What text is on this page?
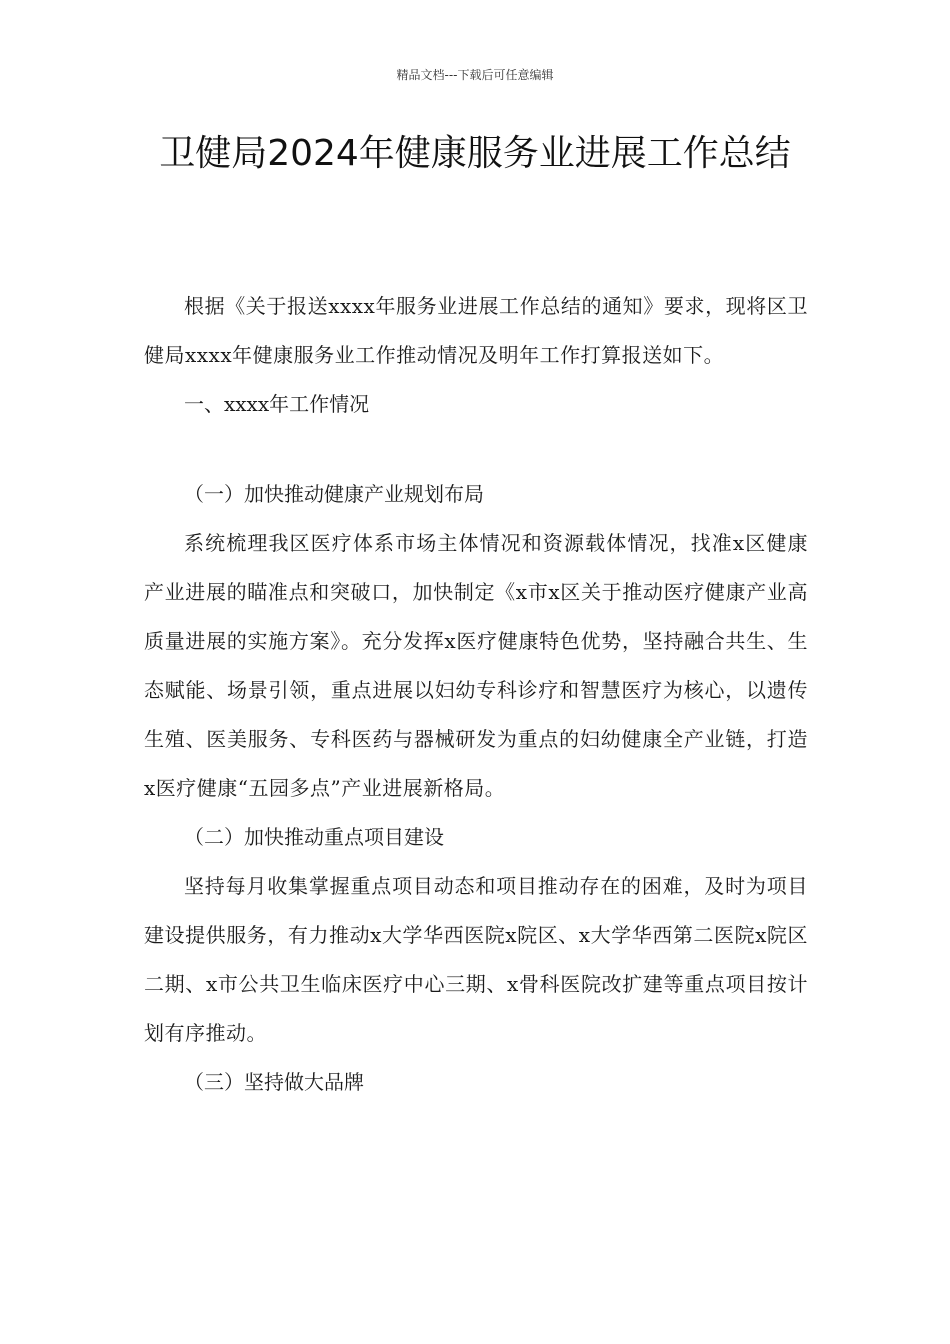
精品文档---下载后可任意编辑
卫健局2024年健康服务业进展工作总结

根据《关于报送xxxx年服务业进展工作总结的通知》要求，现将区卫健局xxxx年健康服务业工作推动情况及明年工作打算报送如下。

一、xxxx年工作情况

（一）加快推动健康产业规划布局

系统梳理我区医疗体系市场主体情况和资源载体情况，找准x区健康产业进展的瞄准点和突破口，加快制定《x市x区关于推动医疗健康产业高质量进展的实施方案》。充分发挥x医疗健康特色优势，坚持融合共生、生态赋能、场景引领，重点进展以妇幼专科诊疗和智慧医疗为核心，以遗传生殖、医美服务、专科医药与器械研发为重点的妇幼健康全产业链，打造x医疗健康“五园多点”产业进展新格局。

（二）加快推动重点项目建设

坚持每月收集掌握重点项目动态和项目推动存在的困难，及时为项目建设提供服务，有力推动x大学华西医院x院区、x大学华西第二医院x院区二期、x市公共卫生临床医疗中心三期、x骨科医院改扩建等重点项目按计划有序推动。

（三）坚持做大品牌
